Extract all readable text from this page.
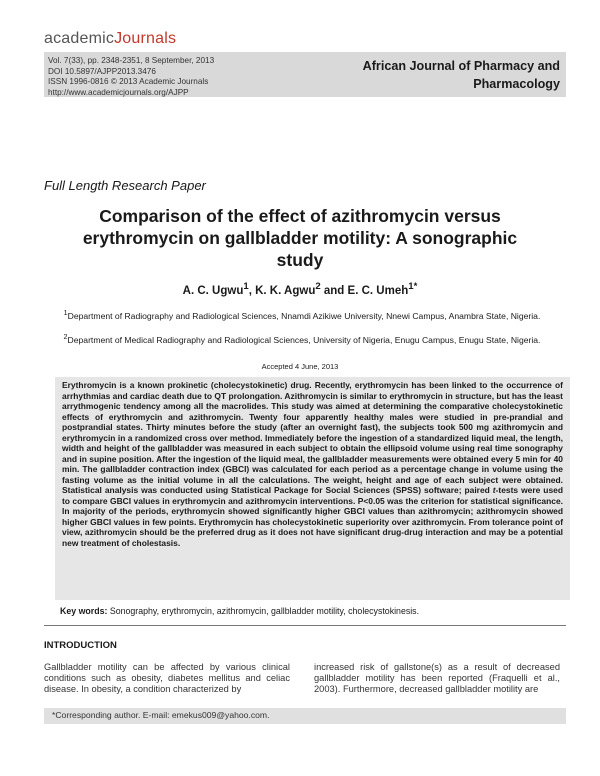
academicJournals
Vol. 7(33), pp. 2348-2351, 8 September, 2013
DOI 10.5897/AJPP2013.3476
ISSN 1996-0816 © 2013 Academic Journals
http://www.academicjournals.org/AJPP
African Journal of Pharmacy and
Pharmacology
Full Length Research Paper
Comparison of the effect of azithromycin versus erythromycin on gallbladder motility: A sonographic study
A. C. Ugwu$^1$, K. K. Agwu$^2$ and E. C. Umeh$^{1*}$
$^1$Department of Radiography and Radiological Sciences, Nnamdi Azikiwe University, Nnewi Campus, Anambra State, Nigeria.
$^2$Department of Medical Radiography and Radiological Sciences, University of Nigeria, Enugu Campus, Enugu State, Nigeria.
Accepted 4 June, 2013
Erythromycin is a known prokinetic (cholecystokinetic) drug. Recently, erythromycin has been linked to the occurrence of arrhythmias and cardiac death due to QT prolongation. Azithromycin is similar to erythromycin in structure, but has the least arrythmogenic tendency among all the macrolides. This study was aimed at determining the comparative cholecystokinetic effects of erythromycin and azithromycin. Twenty four apparently healthy males were studied in pre-prandial and postprandial states. Thirty minutes before the study (after an overnight fast), the subjects took 500 mg azithromycin and erythromycin in a randomized cross over method. Immediately before the ingestion of a standardized liquid meal, the length, width and height of the gallbladder was measured in each subject to obtain the ellipsoid volume using real time sonography and in supine position. After the ingestion of the liquid meal, the gallbladder measurements were obtained every 5 min for 40 min. The gallbladder contraction index (GBCI) was calculated for each period as a percentage change in volume using the fasting volume as the initial volume in all the calculations. The weight, height and age of each subject were obtained. Statistical analysis was conducted using Statistical Package for Social Sciences (SPSS) software; paired t-tests were used to compare GBCI values in erythromycin and azithromycin interventions. P<0.05 was the criterion for statistical significance. In majority of the periods, erythromycin showed significantly higher GBCI values than azithromycin; azithromycin showed higher GBCI values in few points. Erythromycin has cholecystokinetic superiority over azithromycin. From tolerance point of view, azithromycin should be the preferred drug as it does not have significant drug-drug interaction and may be a potential new treatment of cholestasis.
Key words: Sonography, erythromycin, azithromycin, gallbladder motility, cholecystokinesis.
INTRODUCTION
Gallbladder motility can be affected by various clinical conditions such as obesity, diabetes mellitus and celiac disease. In obesity, a condition characterized by
increased risk of gallstone(s) as a result of decreased gallbladder motility has been reported (Fraquelli et al., 2003). Furthermore, decreased gallbladder motility are
*Corresponding author. E-mail: emekus009@yahoo.com.
